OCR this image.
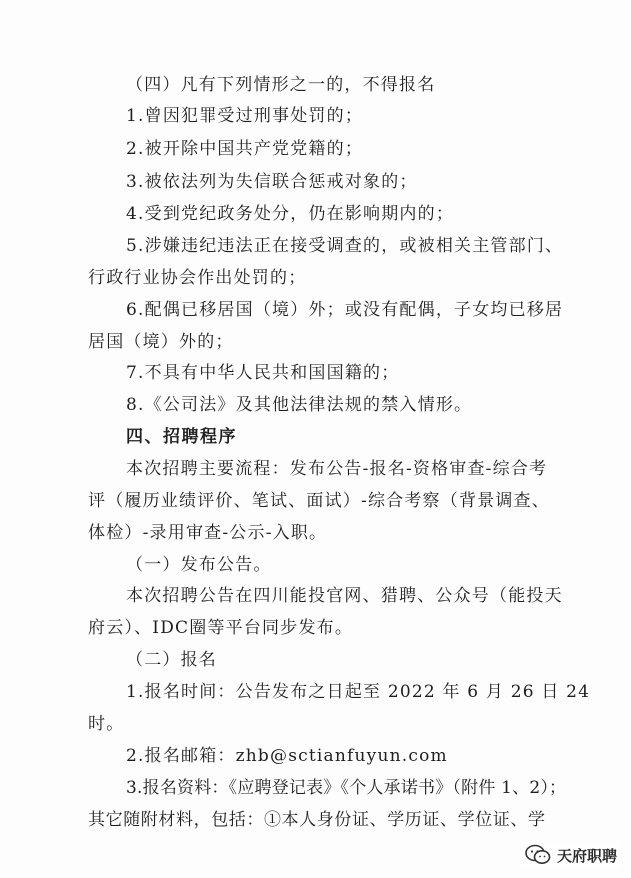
（四）凡有下列情形之一的，不得报名
1.曾因犯罪受过刑事处罚的；
2.被开除中国共产党党籍的；
3.被依法列为失信联合惩戒对象的；
4.受到党纪政务处分，仍在影响期内的；
5.涉嫌违纪违法正在接受调查的，或被相关主管部门、
行政行业协会作出处罚的；
6.配偶已移居国（境）外；或没有配偶，子女均已移居
居国（境）外的；
7.不具有中华人民共和国国籍的；
8.《公司法》及其他法律法规的禁入情形。
四、招聘程序
本次招聘主要流程：发布公告-报名-资格审查-综合考
评（履历业绩评价、笔试、面试）-综合考察（背景调查、
体检）-录用审查-公示-入职。
（一）发布公告。
本次招聘公告在四川能投官网、猎聘、公众号（能投天
府云）、IDC圈等平台同步发布。
（二）报名
1.报名时间：公告发布之日起至 2022 年 6 月 26 日 24
时。
2.报名邮箱：zhb@sctianfuyun.com
3.报名资料：《应聘登记表》《个人承诺书》（附件 1、2）；
其它随附材料，包括：①本人身份证、学历证、学位证、学
天府职聘
